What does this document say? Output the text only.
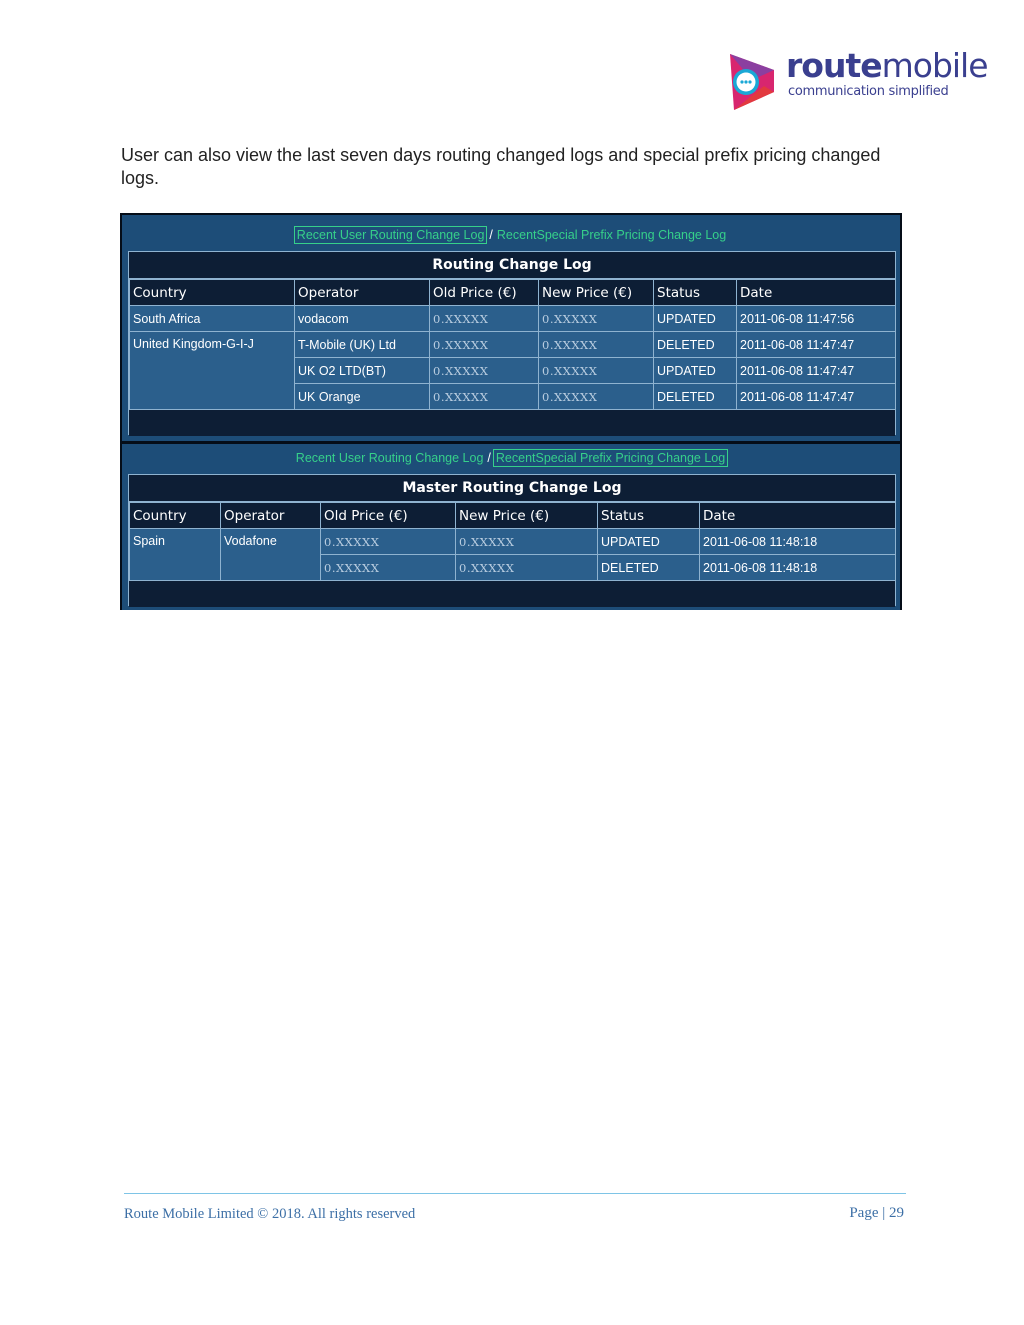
routemobile
communication simplified
User can also view the last seven days routing changed logs and special prefix pricing changed logs.
Recent User Routing Change Log / RecentSpecial Prefix Pricing Change Log
Routing Change Log
Country	Operator	Old Price (€)	New Price (€)	Status	Date
South Africa	vodacom	0.XXXXX	0.XXXXX	UPDATED	2011-06-08 11:47:56
United Kingdom-G-I-J	T-Mobile (UK) Ltd	0.XXXXX	0.XXXXX	DELETED	2011-06-08 11:47:47
	UK O2 LTD(BT)	0.XXXXX	0.XXXXX	UPDATED	2011-06-08 11:47:47
	UK Orange	0.XXXXX	0.XXXXX	DELETED	2011-06-08 11:47:47
Recent User Routing Change Log / RecentSpecial Prefix Pricing Change Log
Master Routing Change Log
Country	Operator	Old Price (€)	New Price (€)	Status	Date
Spain	Vodafone	0.XXXXX	0.XXXXX	UPDATED	2011-06-08 11:48:18
		0.XXXXX	0.XXXXX	DELETED	2011-06-08 11:48:18
Route Mobile Limited © 2018. All rights reserved	Page | 29
